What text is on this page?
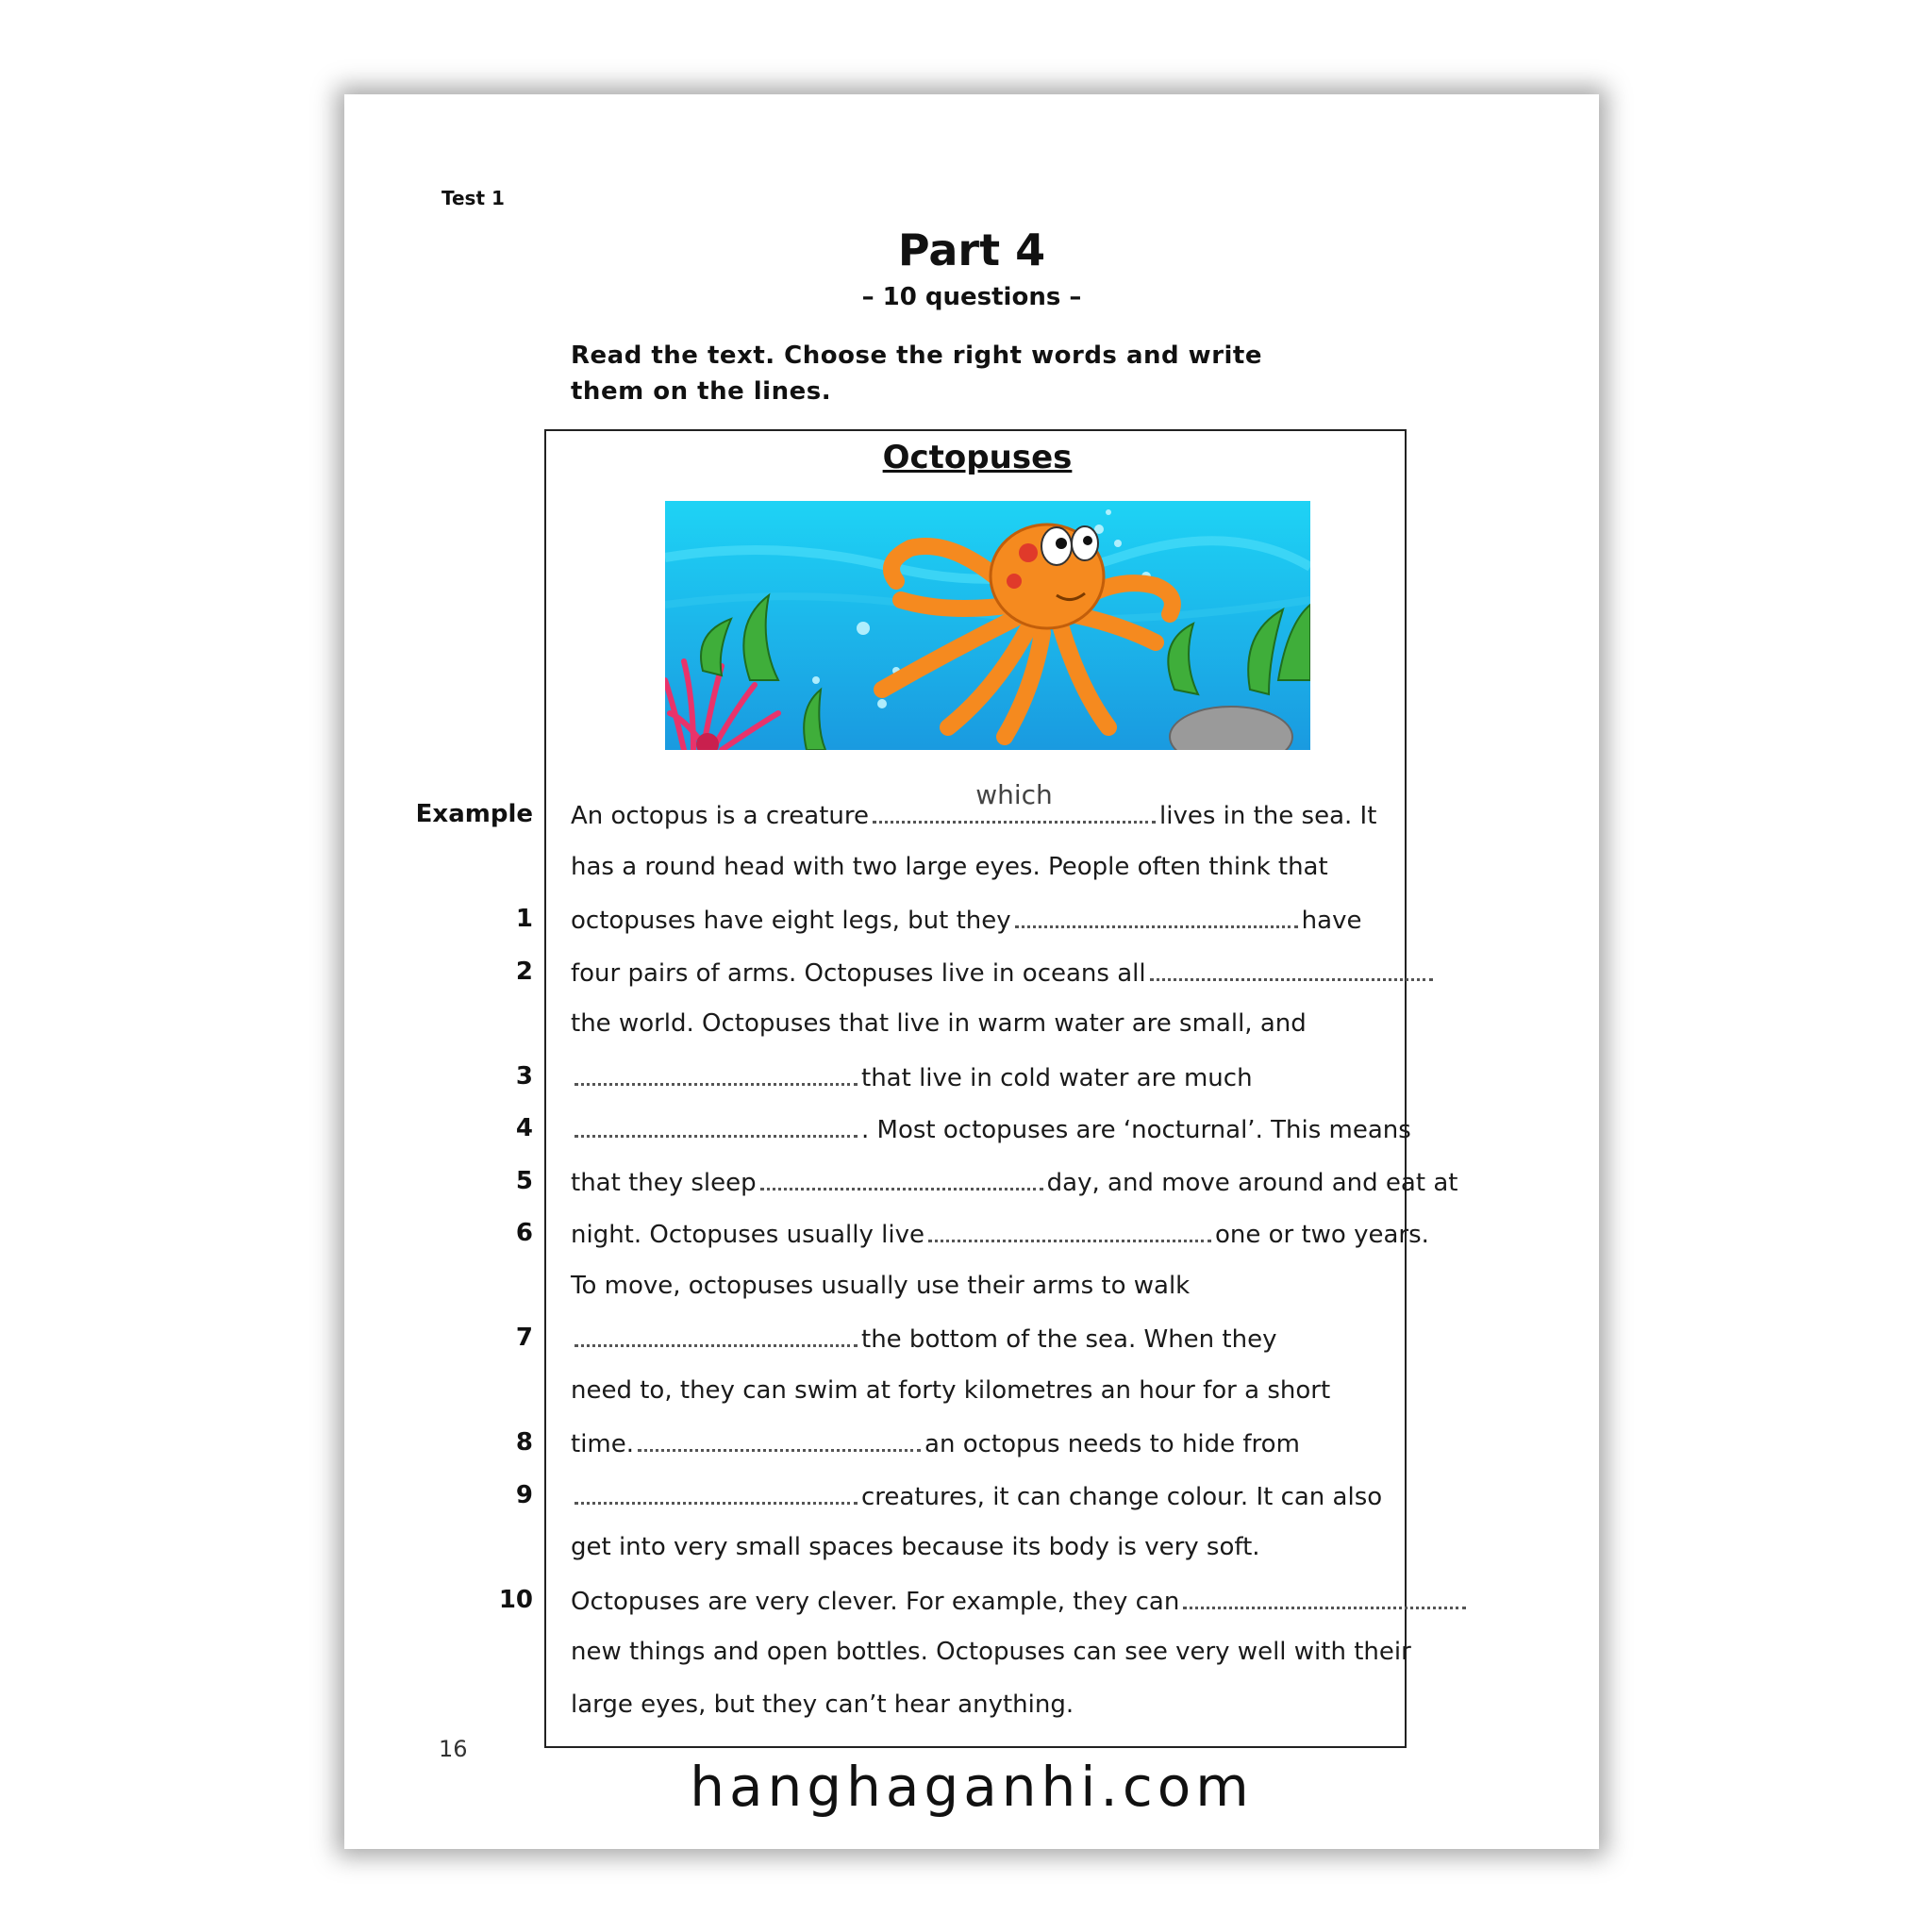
Test 1
Part 4
– 10 questions –
Read the text. Choose the right words and write them on the lines.
Octopuses
Example An octopus is a creature
which
lives in the sea. It
has a round head with two large eyes. People often think that
1 octopuses have eight legs, but they	have
2 four pairs of arms. Octopuses live in oceans all
the world. Octopuses that live in warm water are small, and
3	that live in cold water are much
4	. Most octopuses are ‘nocturnal’. This means
5 that they sleep	day, and move around and eat at
6 night. Octopuses usually live	one or two years.
To move, octopuses usually use their arms to walk
7	the bottom of the sea. When they
need to, they can swim at forty kilometres an hour for a short
8 time.	an octopus needs to hide from
9	creatures, it can change colour. It can also
get into very small spaces because its body is very soft.
10 Octopuses are very clever. For example, they can
new things and open bottles. Octopuses can see very well with their
large eyes, but they can’t hear anything.
16
hanghaganhi.com
